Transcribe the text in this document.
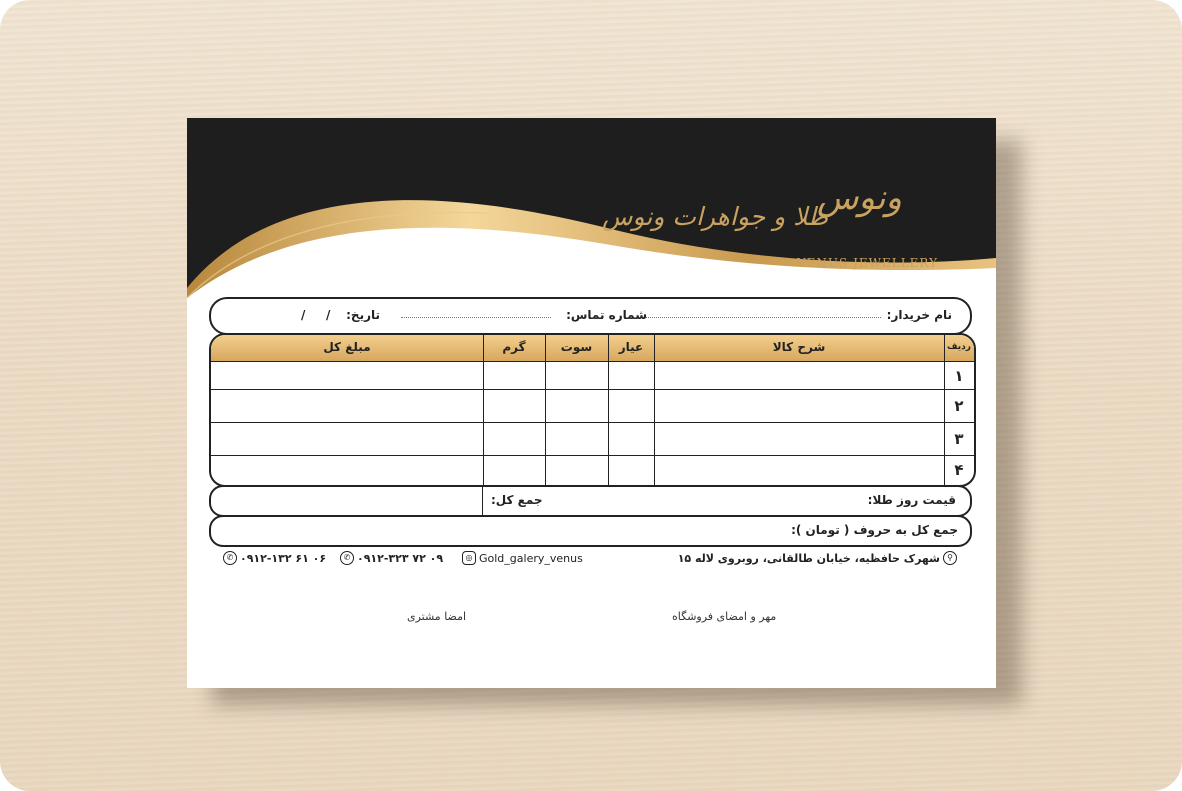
ونوس
طلا و جواهرات ونوس
VENUS JEWELLERY
نام خریدار:
شماره تماس:
تاریخ:
/
/
مبلغ کل	گرم	سوت	عیار	شرح کالا	ردیف
۱
۲
۳
۴
قیمت روز طلا:
جمع کل:
جمع کل به حروف ( تومان ):
⚲
شهرک حافظیه، خیابان طالقانی، روبروی لاله ۱۵
◎ Gold_galery_venus
✆ ۰۹۱۲-۳۲۳ ۷۲ ۰۹
✆ ۰۹۱۲-۱۳۲ ۶۱ ۰۶
مهر و امضای فروشگاه
امضا مشتری
